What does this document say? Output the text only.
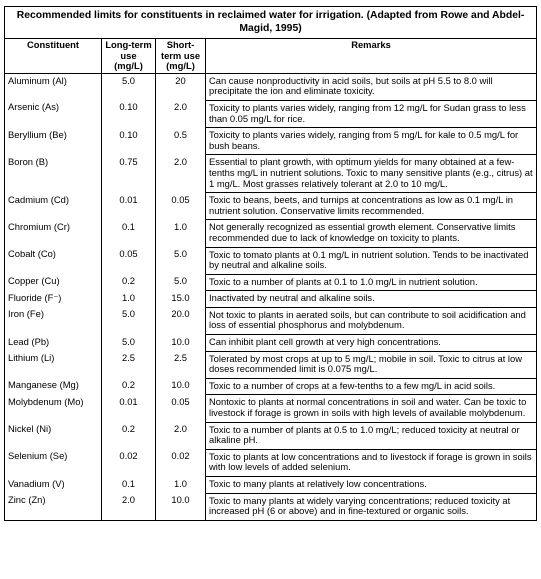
Recommended limits for constituents in reclaimed water for irrigation. (Adapted from Rowe and Abdel-Magid, 1995)			
Constituent	Long-term use (mg/L)	Short-term use (mg/L)	Remarks
Aluminum (Al)	5.0	20	Can cause nonproductivity in acid soils, but soils at pH 5.5 to 8.0 will precipitate the ion and eliminate toxicity.
Arsenic (As)	0.10	2.0	Toxicity to plants varies widely, ranging from 12 mg/L for Sudan grass to less than 0.05 mg/L for rice.
Beryllium (Be)	0.10	0.5	Toxicity to plants varies widely, ranging from 5 mg/L for kale to 0.5 mg/L for bush beans.
Boron (B)	0.75	2.0	Essential to plant growth, with optimum yields for many obtained at a few-tenths mg/L in nutrient solutions. Toxic to many sensitive plants (e.g., citrus) at 1 mg/L. Most grasses relatively tolerant at 2.0 to 10 mg/L.
Cadmium (Cd)	0.01	0.05	Toxic to beans, beets, and turnips at concentrations as low as 0.1 mg/L in nutrient solution. Conservative limits recommended.
Chromium (Cr)	0.1	1.0	Not generally recognized as essential growth element. Conservative limits recommended due to lack of knowledge on toxicity to plants.
Cobalt (Co)	0.05	5.0	Toxic to tomato plants at 0.1 mg/L in nutrient solution. Tends to be inactivated by neutral and alkaline soils.
Copper (Cu)	0.2	5.0	Toxic to a number of plants at 0.1 to 1.0 mg/L in nutrient solution.
Fluoride (F⁻)	1.0	15.0	Inactivated by neutral and alkaline soils.
Iron (Fe)	5.0	20.0	Not toxic to plants in aerated soils, but can contribute to soil acidification and loss of essential phosphorus and molybdenum.
Lead (Pb)	5.0	10.0	Can inhibit plant cell growth at very high concentrations.
Lithium (Li)	2.5	2.5	Tolerated by most crops at up to 5 mg/L; mobile in soil. Toxic to citrus at low doses recommended limit is 0.075 mg/L.
Manganese (Mg)	0.2	10.0	Toxic to a number of crops at a few-tenths to a few mg/L in acid soils.
Molybdenum (Mo)	0.01	0.05	Nontoxic to plants at normal concentrations in soil and water. Can be toxic to livestock if forage is grown in soils with high levels of available molybdenum.
Nickel (Ni)	0.2	2.0	Toxic to a number of plants at 0.5 to 1.0 mg/L; reduced toxicity at neutral or alkaline pH.
Selenium (Se)	0.02	0.02	Toxic to plants at low concentrations and to livestock if forage is grown in soils with low levels of added selenium.
Vanadium (V)	0.1	1.0	Toxic to many plants at relatively low concentrations.
Zinc (Zn)	2.0	10.0	Toxic to many plants at widely varying concentrations; reduced toxicity at increased pH (6 or above) and in fine-textured or organic soils.
